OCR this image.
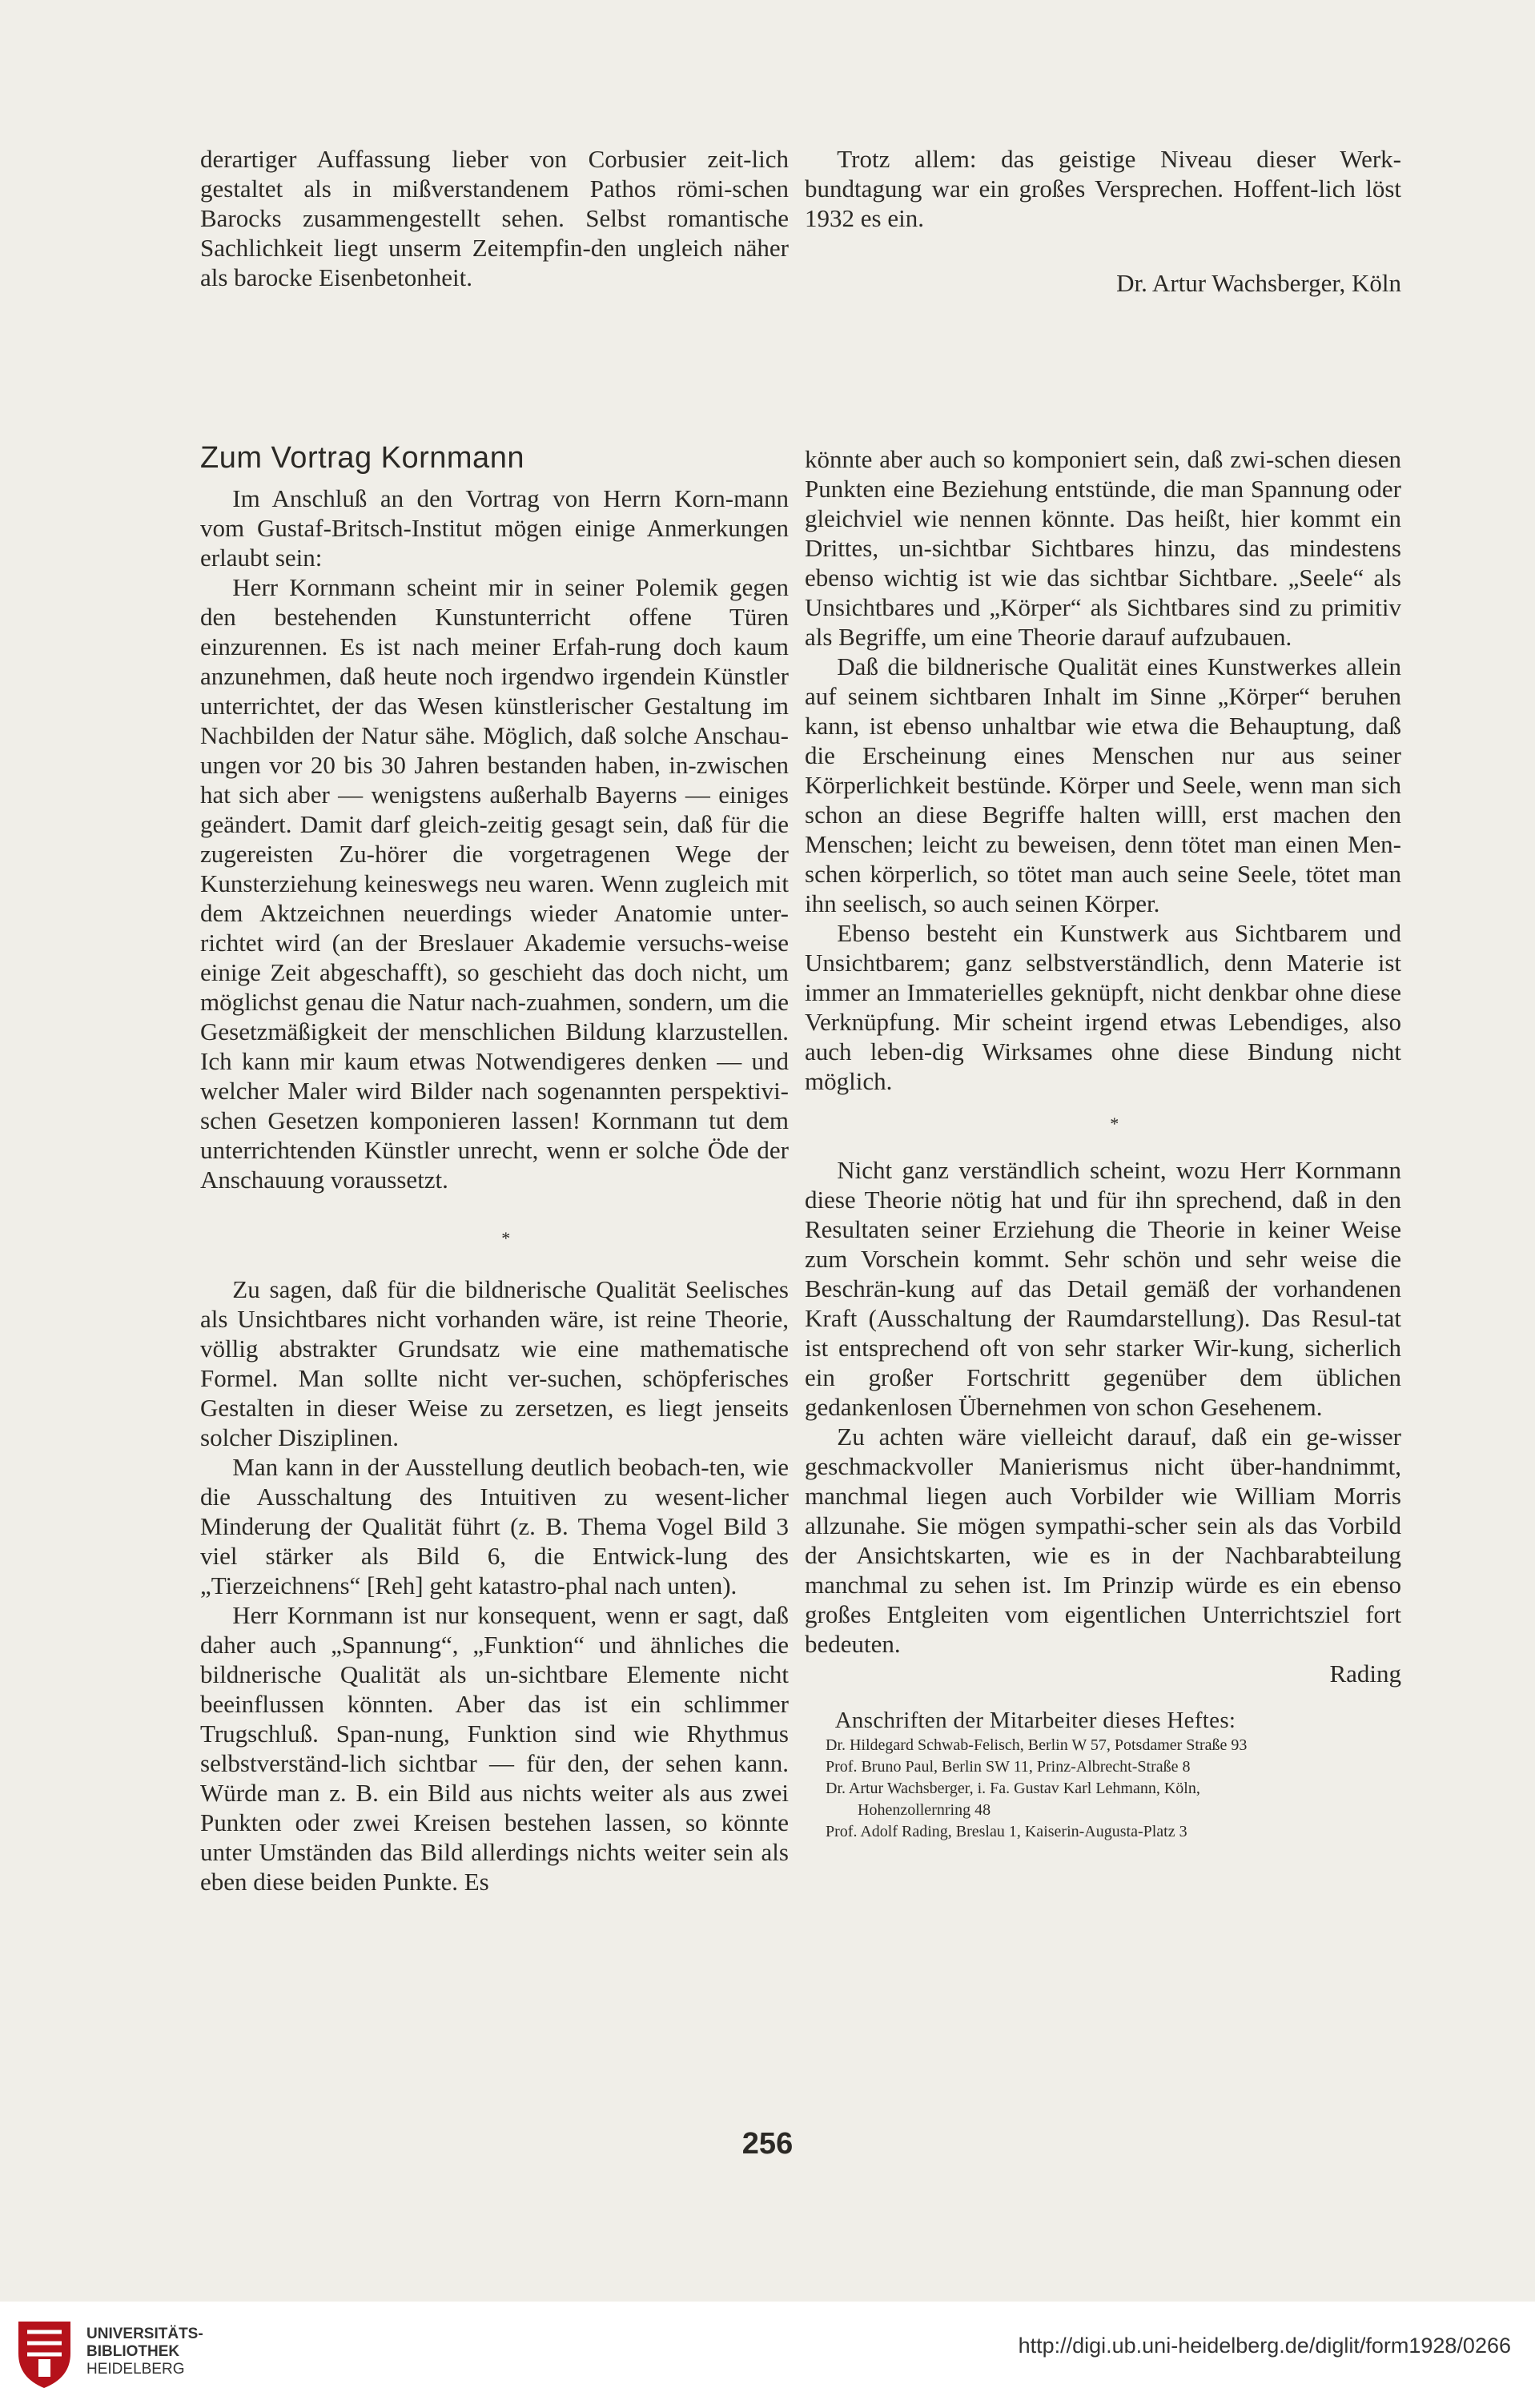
derartiger Auffassung lieber von Corbusier zeit-lich gestaltet als in mißverstandenem Pathos römi-schen Barocks zusammengestellt sehen. Selbst romantische Sachlichkeit liegt unserm Zeitempfin-den ungleich näher als barocke Eisenbetonheit.

Trotz allem: das geistige Niveau dieser Werk-bundtagung war ein großes Versprechen. Hoffent-lich löst 1932 es ein.

Dr. Artur Wachsberger, Köln

Zum Vortrag Kornmann

Im Anschluß an den Vortrag von Herrn Korn-mann vom Gustaf-Britsch-Institut mögen einige Anmerkungen erlaubt sein:

Herr Kornmann scheint mir in seiner Polemik gegen den bestehenden Kunstunterricht offene Türen einzurennen. Es ist nach meiner Erfah-rung doch kaum anzunehmen, daß heute noch irgendwo irgendein Künstler unterrichtet, der das Wesen künstlerischer Gestaltung im Nachbilden der Natur sähe. Möglich, daß solche Anschau-ungen vor 20 bis 30 Jahren bestanden haben, in-zwischen hat sich aber — wenigstens außerhalb Bayerns — einiges geändert. Damit darf gleich-zeitig gesagt sein, daß für die zugereisten Zu-hörer die vorgetragenen Wege der Kunsterziehung keineswegs neu waren. Wenn zugleich mit dem Aktzeichnen neuerdings wieder Anatomie unter-richtet wird (an der Breslauer Akademie versuchs-weise einige Zeit abgeschafft), so geschieht das doch nicht, um möglichst genau die Natur nach-zuahmen, sondern, um die Gesetzmäßigkeit der menschlichen Bildung klarzustellen. Ich kann mir kaum etwas Notwendigeres denken — und welcher Maler wird Bilder nach sogenannten perspektivi-schen Gesetzen komponieren lassen! Kornmann tut dem unterrichtenden Künstler unrecht, wenn er solche Öde der Anschauung voraussetzt.

*

Zu sagen, daß für die bildnerische Qualität Seelisches als Unsichtbares nicht vorhanden wäre, ist reine Theorie, völlig abstrakter Grundsatz wie eine mathematische Formel. Man sollte nicht ver-suchen, schöpferisches Gestalten in dieser Weise zu zersetzen, es liegt jenseits solcher Disziplinen.

Man kann in der Ausstellung deutlich beobach-ten, wie die Ausschaltung des Intuitiven zu wesent-licher Minderung der Qualität führt (z. B. Thema Vogel Bild 3 viel stärker als Bild 6, die Entwick-lung des „Tierzeichnens“ [Reh] geht katastro-phal nach unten).

Herr Kornmann ist nur konsequent, wenn er sagt, daß daher auch „Spannung“, „Funktion“ und ähnliches die bildnerische Qualität als un-sichtbare Elemente nicht beeinflussen könnten. Aber das ist ein schlimmer Trugschluß. Span-nung, Funktion sind wie Rhythmus selbstverständ-lich sichtbar — für den, der sehen kann. Würde man z. B. ein Bild aus nichts weiter als aus zwei Punkten oder zwei Kreisen bestehen lassen, so könnte unter Umständen das Bild allerdings nichts weiter sein als eben diese beiden Punkte. Es

könnte aber auch so komponiert sein, daß zwi-schen diesen Punkten eine Beziehung entstünde, die man Spannung oder gleichviel wie nennen könnte. Das heißt, hier kommt ein Drittes, un-sichtbar Sichtbares hinzu, das mindestens ebenso wichtig ist wie das sichtbar Sichtbare. „Seele“ als Unsichtbares und „Körper“ als Sichtbares sind zu primitiv als Begriffe, um eine Theorie darauf aufzubauen.

Daß die bildnerische Qualität eines Kunstwerkes allein auf seinem sichtbaren Inhalt im Sinne „Körper“ beruhen kann, ist ebenso unhaltbar wie etwa die Behauptung, daß die Erscheinung eines Menschen nur aus seiner Körperlichkeit bestünde. Körper und Seele, wenn man sich schon an diese Begriffe halten willl, erst machen den Menschen; leicht zu beweisen, denn tötet man einen Men-schen körperlich, so tötet man auch seine Seele, tötet man ihn seelisch, so auch seinen Körper.

Ebenso besteht ein Kunstwerk aus Sichtbarem und Unsichtbarem; ganz selbstverständlich, denn Materie ist immer an Immaterielles geknüpft, nicht denkbar ohne diese Verknüpfung. Mir scheint irgend etwas Lebendiges, also auch leben-dig Wirksames ohne diese Bindung nicht möglich.

*

Nicht ganz verständlich scheint, wozu Herr Kornmann diese Theorie nötig hat und für ihn sprechend, daß in den Resultaten seiner Erziehung die Theorie in keiner Weise zum Vorschein kommt. Sehr schön und sehr weise die Beschrän-kung auf das Detail gemäß der vorhandenen Kraft (Ausschaltung der Raumdarstellung). Das Resul-tat ist entsprechend oft von sehr starker Wir-kung, sicherlich ein großer Fortschritt gegenüber dem üblichen gedankenlosen Übernehmen von schon Gesehenem.

Zu achten wäre vielleicht darauf, daß ein ge-wisser geschmackvoller Manierismus nicht über-handnimmt, manchmal liegen auch Vorbilder wie William Morris allzunahe. Sie mögen sympathi-scher sein als das Vorbild der Ansichtskarten, wie es in der Nachbarabteilung manchmal zu sehen ist. Im Prinzip würde es ein ebenso großes Entgleiten vom eigentlichen Unterrichtsziel fort bedeuten.

Rading

Anschriften der Mitarbeiter dieses Heftes:

Dr. Hildegard Schwab-Felisch, Berlin W 57, Potsdamer Straße 93

Prof. Bruno Paul, Berlin SW 11, Prinz-Albrecht-Straße 8

Dr. Artur Wachsberger, i. Fa. Gustav Karl Lehmann, Köln,

Hohenzollernring 48

Prof. Adolf Rading, Breslau 1, Kaiserin-Augusta-Platz 3

256
UNIVERSITÄTS-
BIBLIOTHEK
HEIDELBERG
http://digi.ub.uni-heidelberg.de/diglit/form1928/0266
